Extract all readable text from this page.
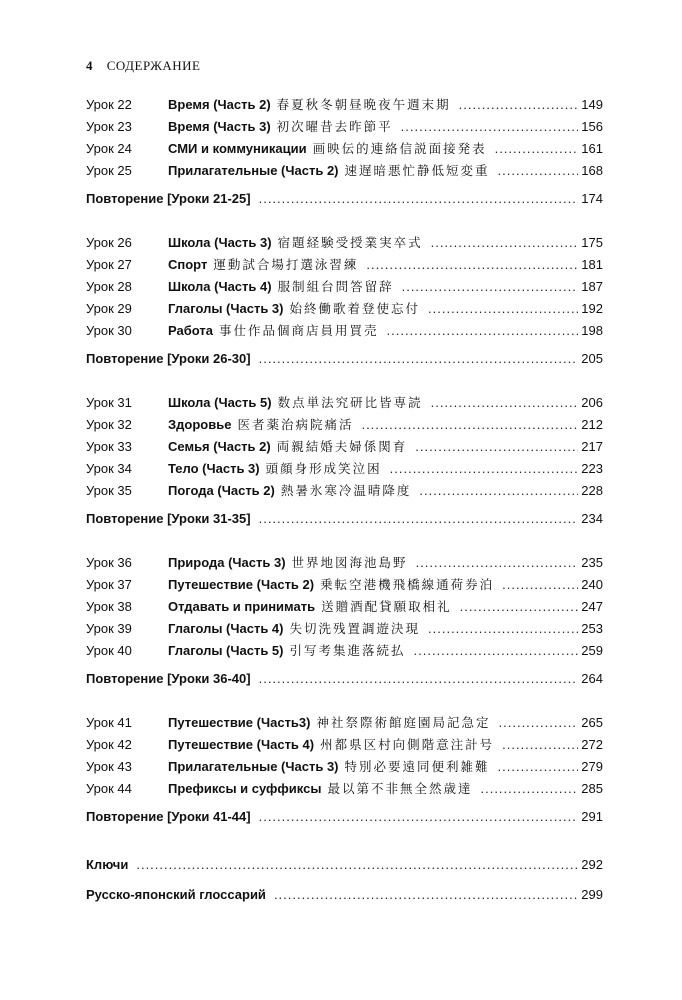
4 СОДЕРЖАНИЕ
Урок 22	Время (Часть 2) 春夏秋冬朝昼晩夜午週末期 .....	149
Урок 23	Время (Часть 3) 初次曜昔去昨節平 .....	156
Урок 24	СМИ и коммуникации 画映伝的連絡信説面接発表 .....	161
Урок 25	Прилагательные (Часть 2) 速遅暗悪忙静低短変重 .....	168
Повторение [Уроки 21-25] .....	174
Урок 26	Школа (Часть 3) 宿題経験受授業実卒式 .....	175
Урок 27	Спорт 運動試合場打選泳習練 .....	181
Урок 28	Школа (Часть 4) 服制組台問答留辞 .....	187
Урок 29	Глаголы (Часть 3) 始終働歌着登使忘付 .....	192
Урок 30	Работа 事仕作品個商店員用買売 .....	198
Повторение [Уроки 26-30] .....	205
Урок 31	Школа (Часть 5) 数点単法究研比皆専読 .....	206
Урок 32	Здоровье 医者薬治病院痛活 .....	212
Урок 33	Семья (Часть 2) 両親結婚夫婦係関育 .....	217
Урок 34	Тело (Часть 3) 頭顔身形成笑泣困 .....	223
Урок 35	Погода (Часть 2) 熱暑氷寒冷温晴降度 .....	228
Повторение [Уроки 31-35] .....	234
Урок 36	Природа (Часть 3) 世界地図海池島野 .....	235
Урок 37	Путешествие (Часть 2) 乗転空港機飛橋線通荷券泊 .....	240
Урок 38	Отдавать и принимать 送贈酒配貸願取相礼 .....	247
Урок 39	Глаголы (Часть 4) 失切洗残置調遊決現 .....	253
Урок 40	Глаголы (Часть 5) 引写考集進落続払 .....	259
Повторение [Уроки 36-40] .....	264
Урок 41	Путешествие (Часть3) 神社祭際術館庭園局記急定 .....	265
Урок 42	Путешествие (Часть 4) 州都県区村向側階意注計号 .....	272
Урок 43	Прилагательные (Часть 3) 特別必要遠同便利雑難 .....	279
Урок 44	Префиксы и суффиксы 最以第不非無全然歳達 .....	285
Повторение [Уроки 41-44] .....	291
Ключи .....	292
Русско-японский глоссарий .....	299
